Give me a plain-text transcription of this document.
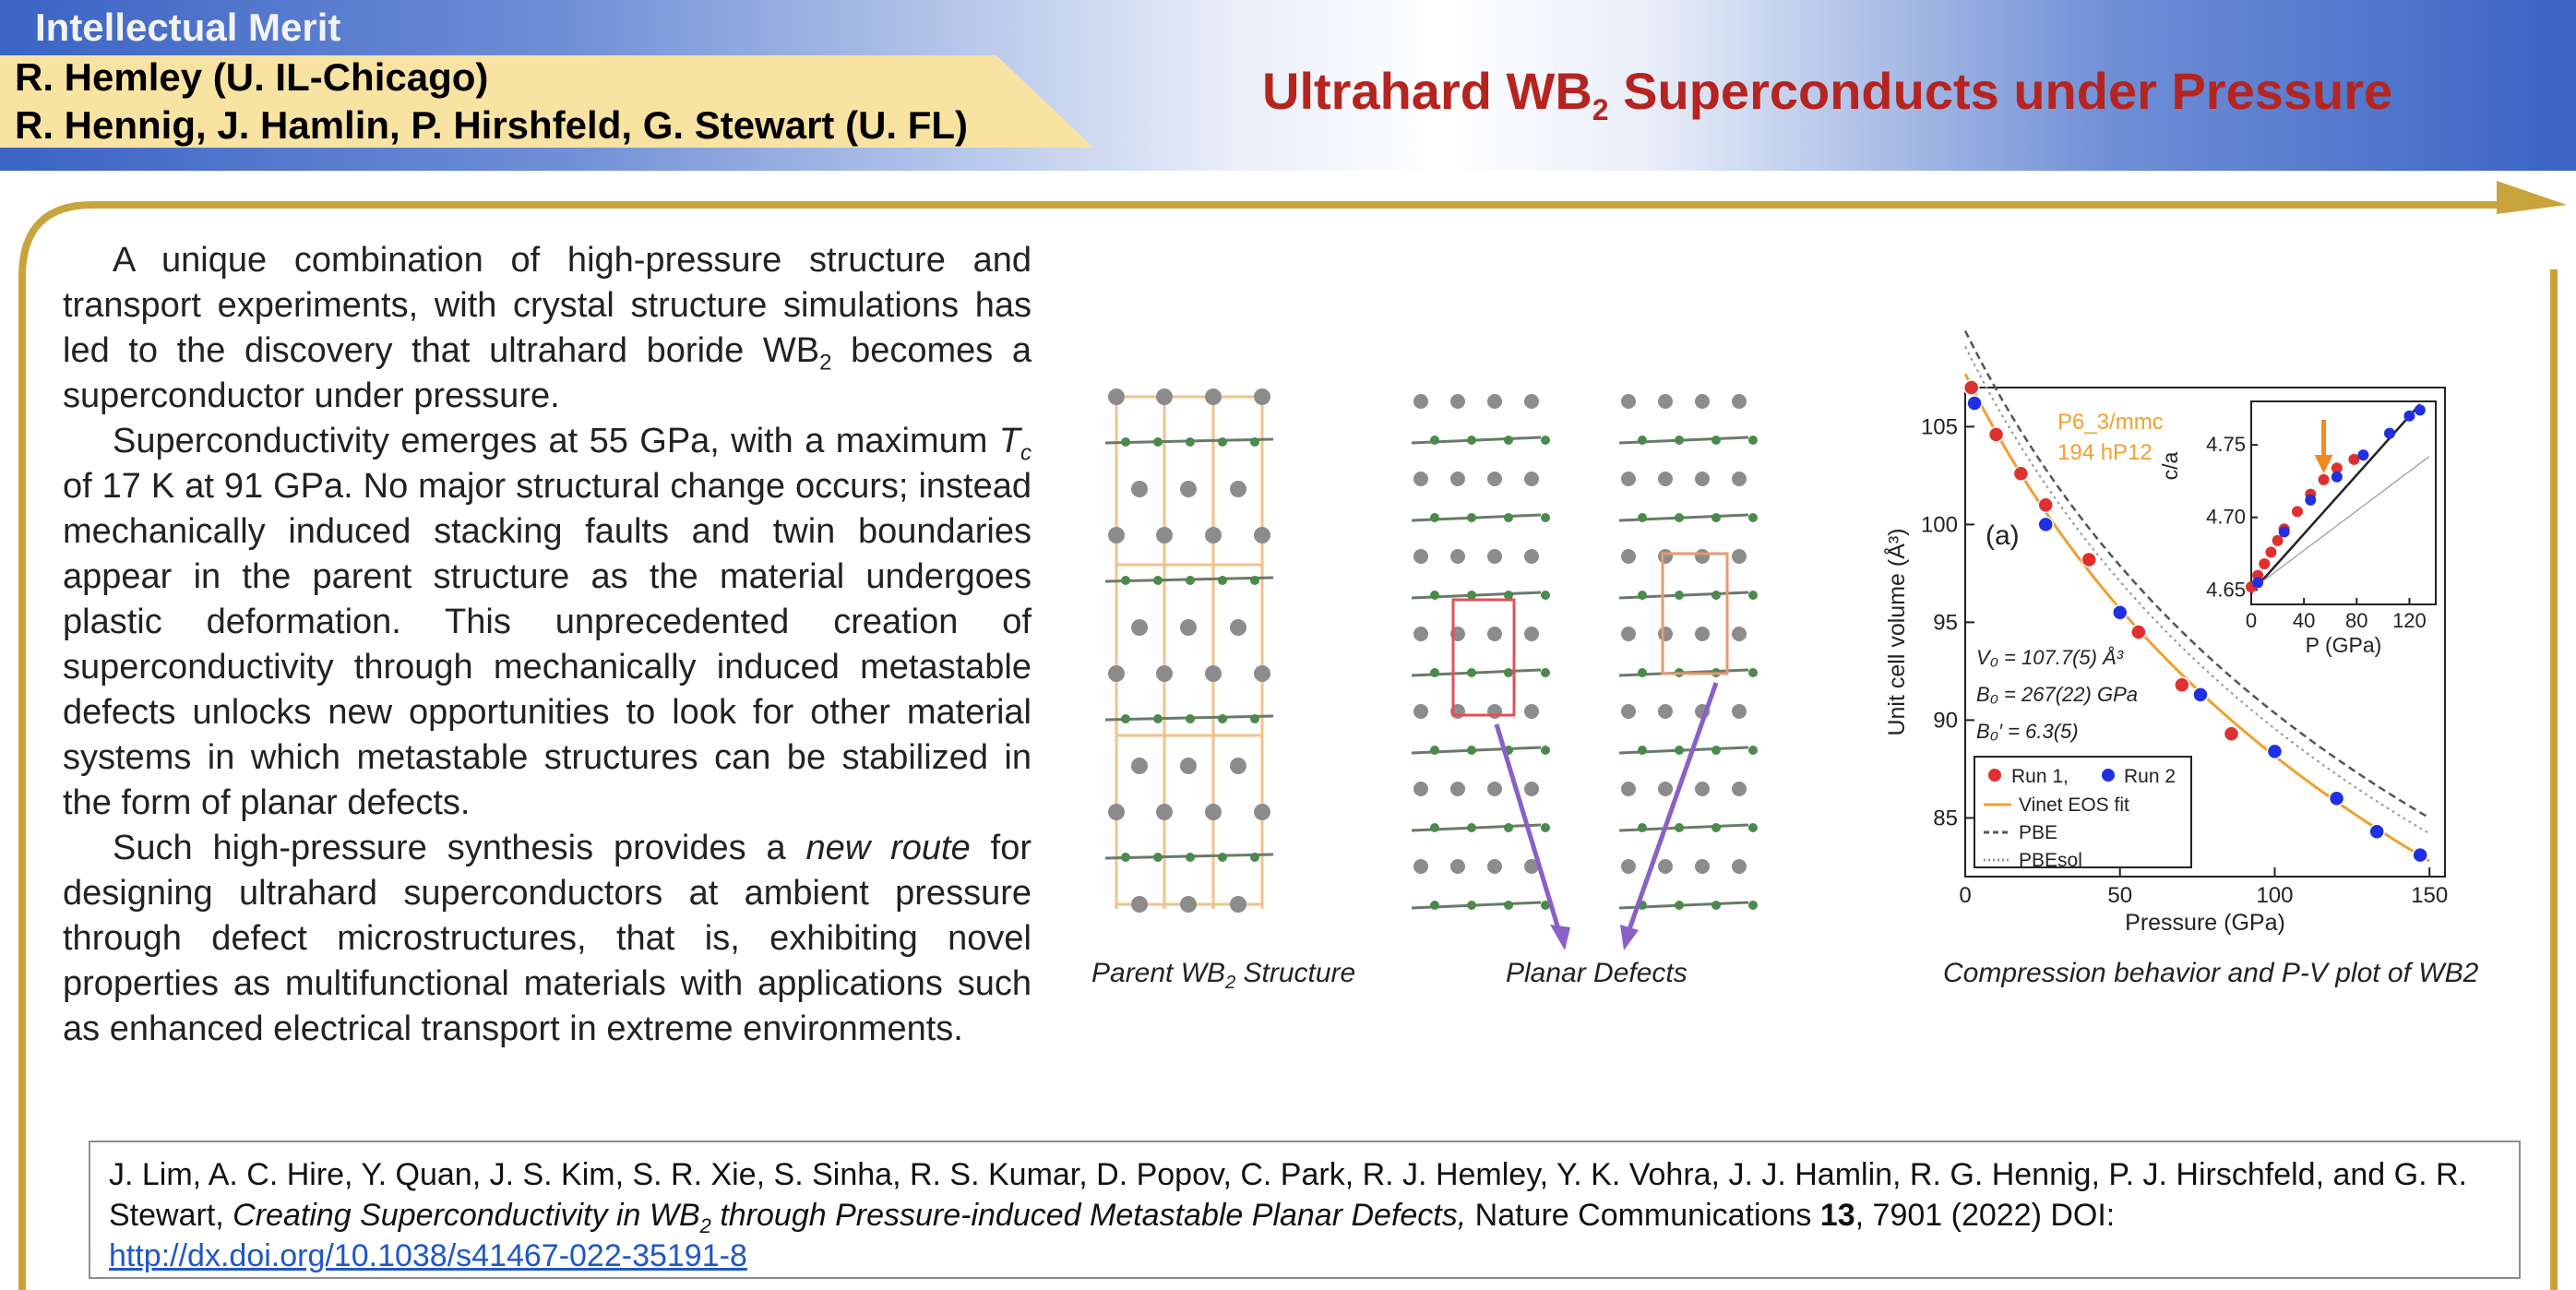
Intellectual Merit
R. Hemley (U. IL-Chicago)
R. Hennig, J. Hamlin, P. Hirshfeld, G. Stewart (U. FL)
Ultrahard $WB_2$ Superconducts under Pressure

A unique combination of high-pressure structure and transport experiments, with crystal structure simulations has led to the discovery that ultrahard boride $WB_2$ becomes a superconductor under pressure.

Superconductivity emerges at 55 GPa, with a maximum $T_c$ of 17 K at 91 GPa. No major structural change occurs; instead mechanically induced stacking faults and twin boundaries appear in the parent structure as the material undergoes plastic deformation. This unprecedented creation of superconductivity through mechanically induced metastable defects unlocks new opportunities to look for other material systems in which metastable structures can be stabilized in the form of planar defects.

Such high-pressure synthesis provides a new route for designing ultrahard superconductors at ambient pressure through defect microstructures, that is, exhibiting novel properties as multifunctional materials with applications such as enhanced electrical transport in extreme environments.

0	50	100	150
85
90
95
100
105
Pressure (GPa)
Unit cell volume (Å³)	(a)
P6_3/mmc
194 hP12
V₀ = 107.7(5) Å³
B₀ = 267(22) GPa
B₀′ = 6.3(5)
Run 1,	Run 2
Vinet EOS fit
PBE
PBEsol
0 40 80 120
4.65
4.70
4.75
P (GPa)
c/a
Parent $WB_2$ Structure	Planar Defects	Compression behavior and P-V plot of WB2
J. Lim, A. C. Hire, Y. Quan, J. S. Kim, S. R. Xie, S. Sinha, R. S. Kumar, D. Popov, C. Park, R. J. Hemley, Y. K. Vohra, J. J. Hamlin, R. G. Hennig, P. J. Hirschfeld, and G. R. Stewart, Creating Superconductivity in $WB_2$ through Pressure-induced Metastable Planar Defects, Nature Communications 13, 7901 (2022) DOI:
http://dx.doi.org/10.1038/s41467-022-35191-8
